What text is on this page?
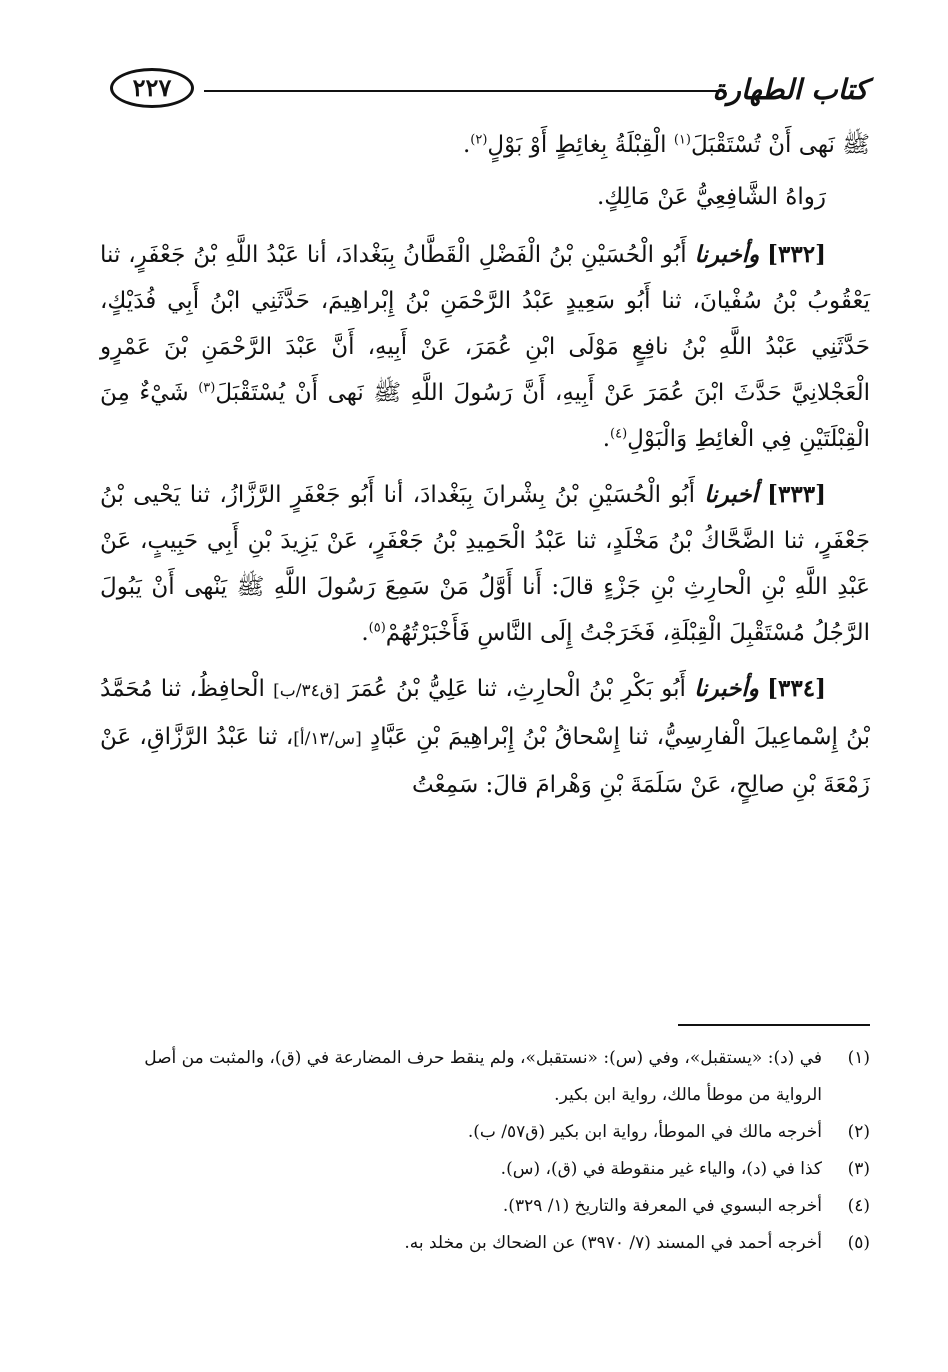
كتاب الطهارة
٢٢٧

ﷺ نَهى أَنْ تُسْتَقْبَلَ$^{(١)}$ الْقِبْلَةُ بِغائِطٍ أَوْ بَوْلٍ$^{(٢)}$.

رَواهُ الشَّافِعِيُّ عَنْ مَالِكٍ.

[٣٣٢] وأخبرنا أَبُو الْحُسَيْنِ بْنُ الْفَضْلِ الْقَطَّانُ بِبَغْدادَ، أنا عَبْدُ اللَّهِ بْنُ جَعْفَرٍ، ثنا يَعْقُوبُ بْنُ سُفْيانَ، ثنا أَبُو سَعِيدٍ عَبْدُ الرَّحْمَنِ بْنُ إِبْراهِيمَ، حَدَّثَنِي ابْنُ أَبِي فُدَيْكٍ، حَدَّثَنِي عَبْدُ اللَّهِ بْنُ نافِعٍ مَوْلَى ابْنِ عُمَرَ، عَنْ أَبِيهِ، أَنَّ عَبْدَ الرَّحْمَنِ بْنَ عَمْرٍو الْعَجْلانِيَّ حَدَّثَ ابْنَ عُمَرَ عَنْ أَبِيهِ، أَنَّ رَسُولَ اللَّهِ ﷺ نَهى أَنْ يُسْتَقْبَلَ$^{(٣)}$ شَيْءٌ مِنَ الْقِبْلَتَيْنِ فِي الْغائِطِ وَالْبَوْلِ$^{(٤)}$.

[٣٣٣] أخبرنا أَبُو الْحُسَيْنِ بْنُ بِشْرانَ بِبَغْدادَ، أنا أَبُو جَعْفَرٍ الرَّزَّازُ، ثنا يَحْيى بْنُ جَعْفَرٍ، ثنا الضَّحَّاكُ بْنُ مَخْلَدٍ، ثنا عَبْدُ الْحَمِيدِ بْنُ جَعْفَرٍ، عَنْ يَزِيدَ بْنِ أَبِي حَبِيبٍ، عَنْ عَبْدِ اللَّهِ بْنِ الْحارِثِ بْنِ جَزْءٍ قالَ: أَنا أَوَّلُ مَنْ سَمِعَ رَسُولَ اللَّهِ ﷺ يَنْهى أَنْ يَبُولَ الرَّجُلُ مُسْتَقْبِلَ الْقِبْلَةِ، فَخَرَجْتُ إِلَى النَّاسِ فَأَخْبَرْتُهُمْ$^{(٥)}$.

[٣٣٤] وأخبرنا أَبُو بَكْرِ بْنُ الْحارِثِ، ثنا عَلِيُّ بْنُ عُمَرَ [ق٣٤/ب] الْحافِظُ، ثنا مُحَمَّدُ بْنُ إِسْماعِيلَ الْفارِسِيُّ، ثنا إِسْحاقُ بْنُ إِبْراهِيمَ بْنِ عَبَّادٍ [س/١٣/أ]، ثنا عَبْدُ الرَّزَّاقِ، عَنْ زَمْعَةَ بْنِ صالِحٍ، عَنْ سَلَمَةَ بْنِ وَهْرامَ قالَ: سَمِعْتُ

(١)
في (د): «يستقبل»، وفي (س): «نستقبل»، ولم ينقط حرف المضارعة في (ق)، والمثبت من أصل الرواية من موطأ مالك، رواية ابن بكير.
(٢)
أخرجه مالك في الموطأ، رواية ابن بكير (ق٥٧/ ب).
(٣)
كذا في (د)، والياء غير منقوطة في (ق)، (س).
(٤)
أخرجه البسوي في المعرفة والتاريخ (١/ ٣٢٩).
(٥)
أخرجه أحمد في المسند (٧/ ٣٩٧٠) عن الضحاك بن مخلد به.
